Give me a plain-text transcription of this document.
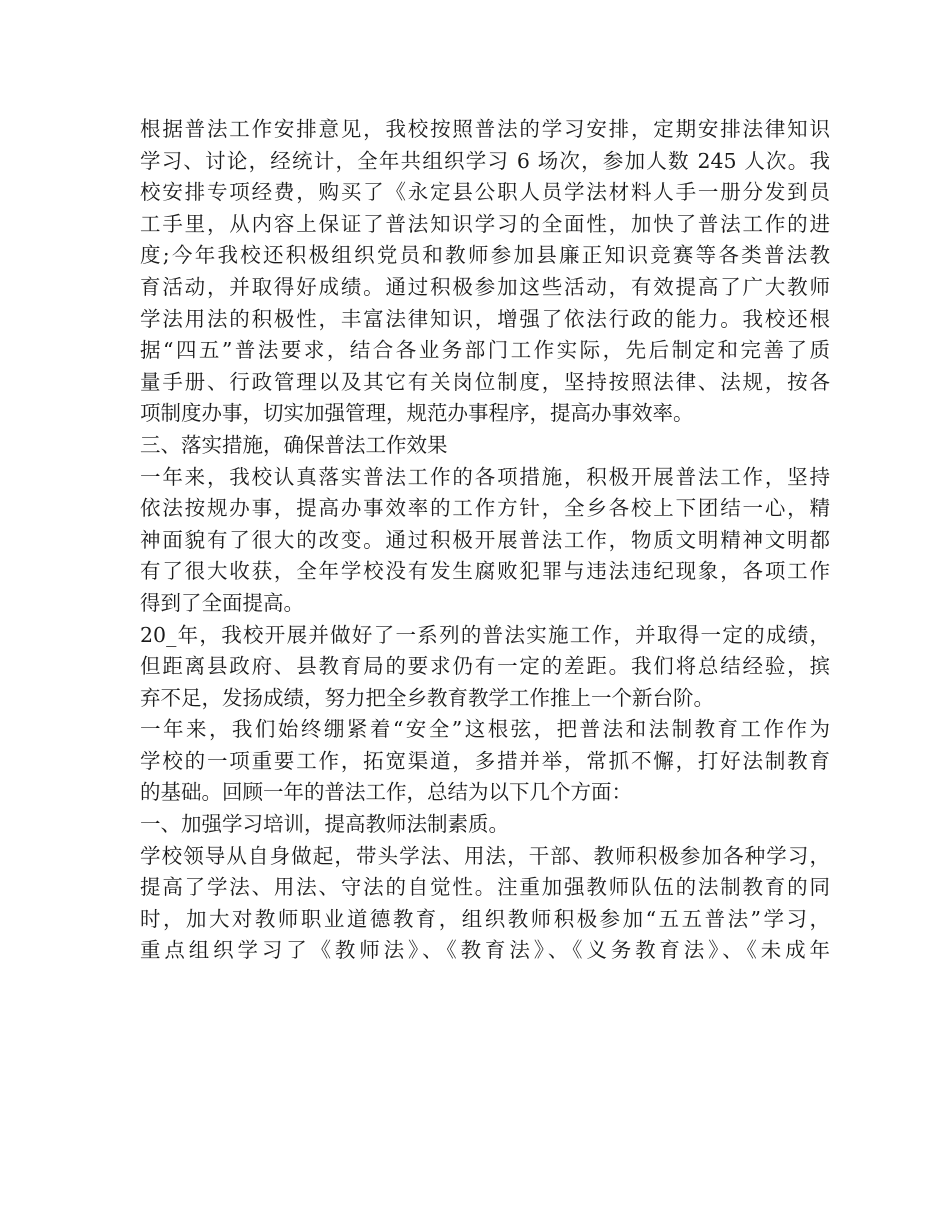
根据普法工作安排意见，我校按照普法的学习安排，定期安排法律知识
学习、讨论，经统计，全年共组织学习 6 场次，参加人数 245 人次。我
校安排专项经费，购买了《永定县公职人员学法材料人手一册分发到员
工手里，从内容上保证了普法知识学习的全面性，加快了普法工作的进
度;今年我校还积极组织党员和教师参加县廉正知识竞赛等各类普法教
育活动，并取得好成绩。通过积极参加这些活动，有效提高了广大教师
学法用法的积极性，丰富法律知识，增强了依法行政的能力。我校还根
据“四五”普法要求，结合各业务部门工作实际，先后制定和完善了质
量手册、行政管理以及其它有关岗位制度，坚持按照法律、法规，按各
项制度办事，切实加强管理，规范办事程序，提高办事效率。
三、落实措施，确保普法工作效果
一年来，我校认真落实普法工作的各项措施，积极开展普法工作，坚持
依法按规办事，提高办事效率的工作方针，全乡各校上下团结一心，精
神面貌有了很大的改变。通过积极开展普法工作，物质文明精神文明都
有了很大收获，全年学校没有发生腐败犯罪与违法违纪现象，各项工作
得到了全面提高。
20_年，我校开展并做好了一系列的普法实施工作，并取得一定的成绩，
但距离县政府、县教育局的要求仍有一定的差距。我们将总结经验，摈
弃不足，发扬成绩，努力把全乡教育教学工作推上一个新台阶。
一年来，我们始终绷紧着“安全”这根弦，把普法和法制教育工作作为
学校的一项重要工作，拓宽渠道，多措并举，常抓不懈，打好法制教育
的基础。回顾一年的普法工作，总结为以下几个方面：
一、加强学习培训，提高教师法制素质。
学校领导从自身做起，带头学法、用法，干部、教师积极参加各种学习，
提高了学法、用法、守法的自觉性。注重加强教师队伍的法制教育的同
时，加大对教师职业道德教育，组织教师积极参加“五五普法”学习，
重点组织学习了《教师法》、《教育法》、《义务教育法》、《未成年
